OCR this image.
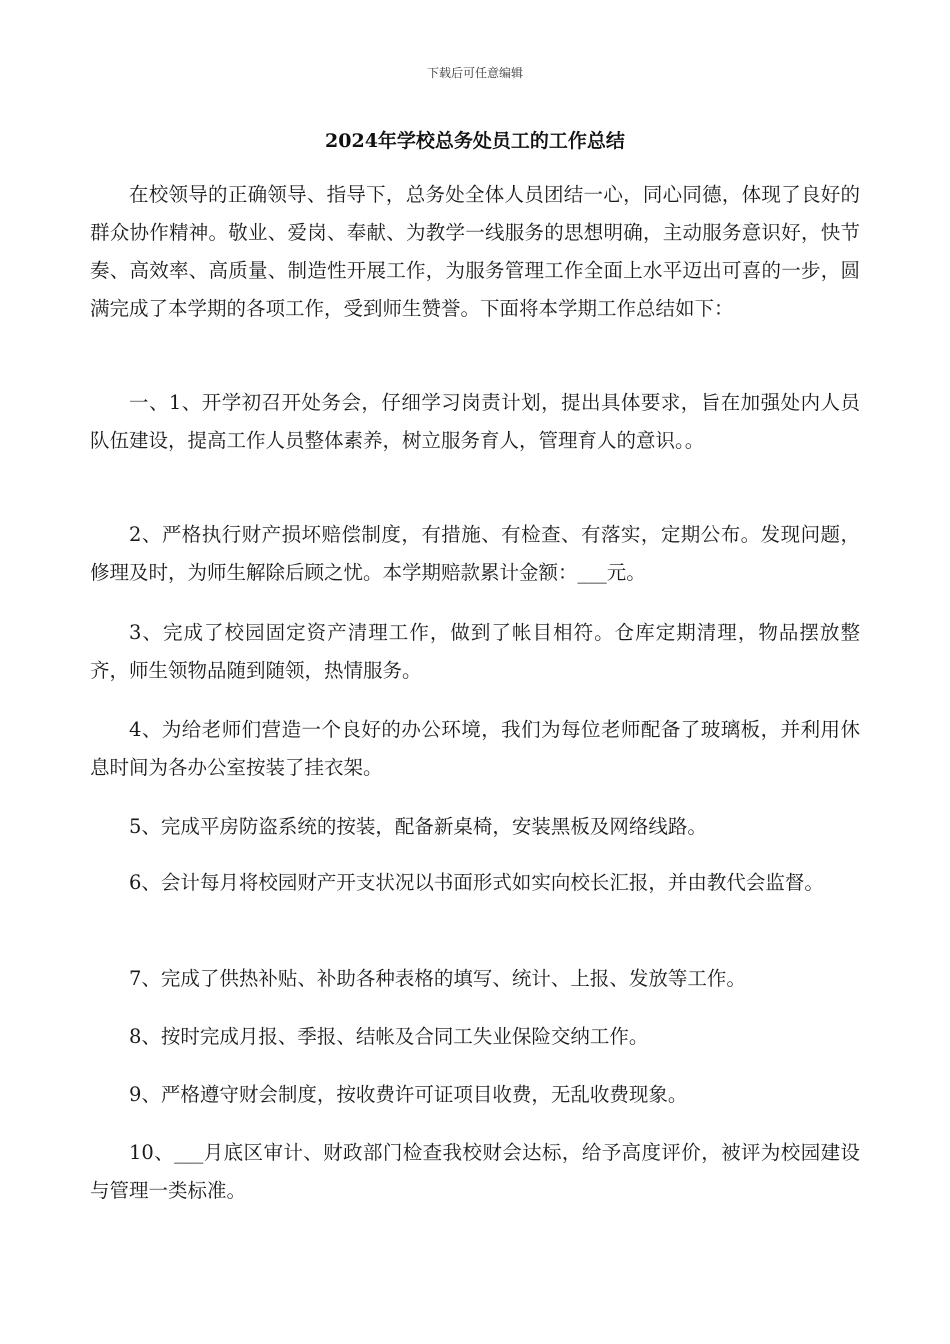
下载后可任意编辑
2024年学校总务处员工的工作总结

在校领导的正确领导、指导下，总务处全体人员团结一心，同心同德，体现了良好的群众协作精神。敬业、爱岗、奉献、为教学一线服务的思想明确，主动服务意识好，快节奏、高效率、高质量、制造性开展工作，为服务管理工作全面上水平迈出可喜的一步，圆满完成了本学期的各项工作，受到师生赞誉。下面将本学期工作总结如下：

一、1、开学初召开处务会，仔细学习岗责计划，提出具体要求，旨在加强处内人员队伍建设，提高工作人员整体素养，树立服务育人，管理育人的意识。。

2、严格执行财产损坏赔偿制度，有措施、有检查、有落实，定期公布。发现问题，修理及时，为师生解除后顾之忧。本学期赔款累计金额：___元。

3、完成了校园固定资产清理工作，做到了帐目相符。仓库定期清理，物品摆放整齐，师生领物品随到随领，热情服务。

4、为给老师们营造一个良好的办公环境，我们为每位老师配备了玻璃板，并利用休息时间为各办公室按装了挂衣架。

5、完成平房防盗系统的按装，配备新桌椅，安装黑板及网络线路。

6、会计每月将校园财产开支状况以书面形式如实向校长汇报，并由教代会监督。

7、完成了供热补贴、补助各种表格的填写、统计、上报、发放等工作。

8、按时完成月报、季报、结帐及合同工失业保险交纳工作。

9、严格遵守财会制度，按收费许可证项目收费，无乱收费现象。

10、___月底区审计、财政部门检查我校财会达标，给予高度评价，被评为校园建设与管理一类标准。
